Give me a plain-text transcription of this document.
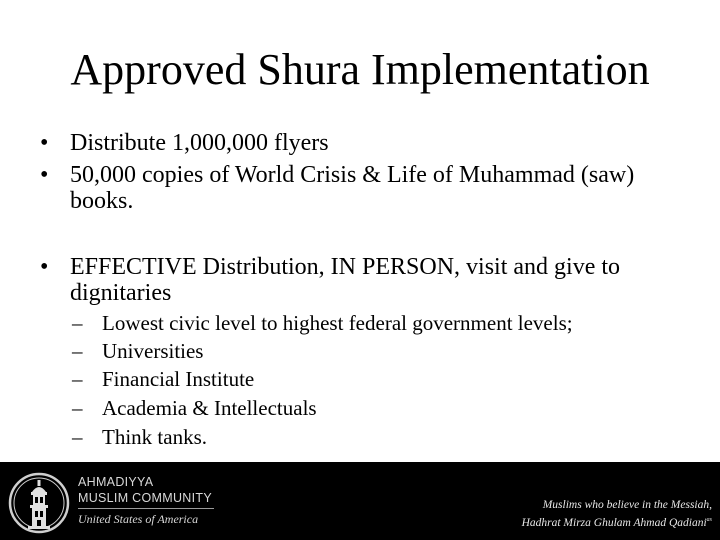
Approved Shura Implementation
• Distribute 1,000,000 flyers
• 50,000 copies of World Crisis & Life of Muhammad (saw) books.
• EFFECTIVE Distribution, IN PERSON, visit and give to dignitaries
– Lowest civic level to highest federal government levels;
– Universities
– Financial Institute
– Academia & Intellectuals
– Think tanks.
AHMADIYYA
MUSLIM COMMUNITY
United States of America
Muslims who believe in the Messiah,
Hadhrat Mirza Ghulam Ahmad Qadiani$^{as}$
